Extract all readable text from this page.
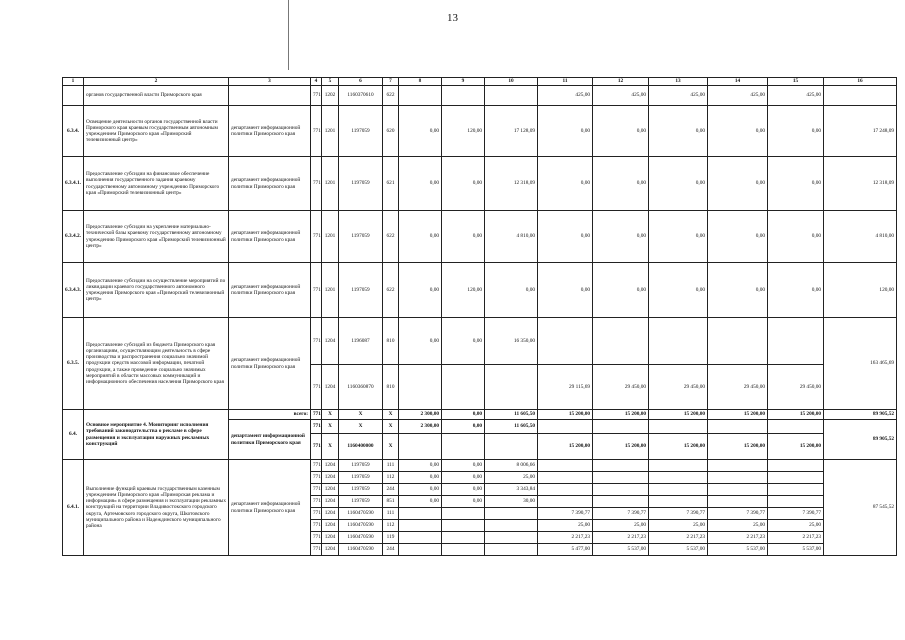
13
1	2	3	4	5	6	7	8	9	10	11	12	13	14	15	16
	органов государственной власти Приморского края		771	1202	1160370610	622				425,00	425,00	425,00	425,00	425,00	
6.3.4.	Освещение деятельности органов государственной власти Приморского края краевым государственным автономным учреждением Приморского края «Приморский телевизионный центр»	департамент информационной политики Приморского края	771	1201	1197059	620	0,00	120,00	17 128,09	0,00	0,00	0,00	0,00	0,00	17 248,09
6.3.4.1.	Предоставление субсидии на финансовое обеспечение выполнения государственного задания краевому государственному автономному учреждению Приморского края «Приморский телевизионный центр»	департамент информационной политики Приморского края	771	1201	1197059	621	0,00	0,00	12 318,09	0,00	0,00	0,00	0,00	0,00	12 318,09
6.3.4.2.	Предоставление субсидии на укрепление материально-технической базы краевому государственному автономному учреждению Приморского края «Приморский телевизионный центр»	департамент информационной политики Приморского края	771	1201	1197059	622	0,00	0,00	4 810,00	0,00	0,00	0,00	0,00	0,00	4 810,00
6.3.4.3.	Предоставление субсидии на осуществление мероприятий по ликвидации краевого государственного автономного учреждения Приморского края «Приморский телевизионный центр»	департамент информационной политики Приморского края	771	1201	1197059	622	0,00	120,00	0,00	0,00	0,00	0,00	0,00	0,00	120,00
6.3.5.	Предоставление субсидий из бюджета Приморского края организациям, осуществляющим деятельность в сфере производства и распространения социально значимой продукции средств массовой информации, печатной продукции, а также проведение социально значимых мероприятий в области массовых коммуникаций и информационного обеспечения населения Приморского края	департамент информационной политики Приморского края	771	1204	1196087	810	0,00	0,00	16 350,00						163 465,69
			771	1204	1160360870	810				29 115,69	29 450,00	29 450,00	29 450,00	29 450,00	
6.4.	Основное мероприятие 4. Мониторинг исполнения требований законодательства о рекламе в сфере размещения и эксплуатации наружных рекламных конструкций	всего:	771	X	X	X	2 300,00	0,00	11 605,50	15 200,00	15 200,00	15 200,00	15 200,00	15 200,00	89 905,52
		департамент информационной политики Приморского края	771	X	X	X	2 300,00	0,00	11 605,50						89 905,52
			771	X	1160400000	X				15 200,00	15 200,00	15 200,00	15 200,00	15 200,00	
6.4.1.	Выполнение функций краевым государственным казенным учреждением Приморского края «Приморская реклама и информация» в сфере размещения и эксплуатации рекламных конструкций на территории Владивостокского городского округа, Артемовского городского округа, Шкотовского муниципального района и Надеждинского муниципального района	департамент информационной политики Приморского края	771	1204	1197059	111	0,00	0,00	8 006,66						87 545,52
			771	1204	1197059	112	0,00	0,00	25,00						
			771	1204	1197059	244	0,00	0,00	3 343,84						
			771	1204	1197059	851	0,00	0,00	30,00						
			771	1204	1160470590	111				7 390,77	7 390,77	7 390,77	7 390,77	7 390,77	
			771	1204	1160470590	112				25,00	25,00	25,00	25,00	25,00	
			771	1204	1160470590	119				2 217,23	2 217,23	2 217,23	2 217,23	2 217,23	
			771	1204	1160470590	244				5 477,00	5 537,00	5 537,00	5 537,00	5 537,00	
